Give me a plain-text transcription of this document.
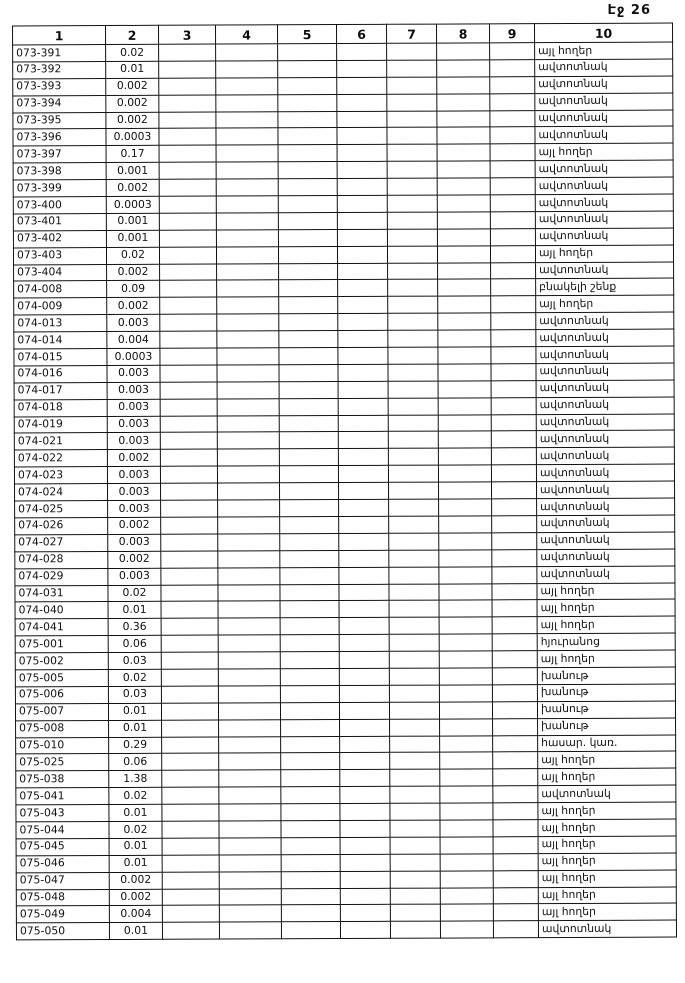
Էջ 26
1	2	3	4	5	6	7	8	9	10
073-391	0.02								այլ հողեր
073-392	0.01								ավտոտնակ
073-393	0.002								ավտոտնակ
073-394	0.002								ավտոտնակ
073-395	0.002								ավտոտնակ
073-396	0.0003								ավտոտնակ
073-397	0.17								այլ հողեր
073-398	0.001								ավտոտնակ
073-399	0.002								ավտոտնակ
073-400	0.0003								ավտոտնակ
073-401	0.001								ավտոտնակ
073-402	0.001								ավտոտնակ
073-403	0.02								այլ հողեր
073-404	0.002								ավտոտնակ
074-008	0.09								բնակելի շենք
074-009	0.002								այլ հողեր
074-013	0.003								ավտոտնակ
074-014	0.004								ավտոտնակ
074-015	0.0003								ավտոտնակ
074-016	0.003								ավտոտնակ
074-017	0.003								ավտոտնակ
074-018	0.003								ավտոտնակ
074-019	0.003								ավտոտնակ
074-021	0.003								ավտոտնակ
074-022	0.002								ավտոտնակ
074-023	0.003								ավտոտնակ
074-024	0.003								ավտոտնակ
074-025	0.003								ավտոտնակ
074-026	0.002								ավտոտնակ
074-027	0.003								ավտոտնակ
074-028	0.002								ավտոտնակ
074-029	0.003								ավտոտնակ
074-031	0.02								այլ հողեր
074-040	0.01								այլ հողեր
074-041	0.36								այլ հողեր
075-001	0.06								հյուրանոց
075-002	0.03								այլ հողեր
075-005	0.02								խանութ
075-006	0.03								խանութ
075-007	0.01								խանութ
075-008	0.01								խանութ
075-010	0.29								հասար. կառ.
075-025	0.06								այլ հողեր
075-038	1.38								այլ հողեր
075-041	0.02								ավտոտնակ
075-043	0.01								այլ հողեր
075-044	0.02								այլ հողեր
075-045	0.01								այլ հողեր
075-046	0.01								այլ հողեր
075-047	0.002								այլ հողեր
075-048	0.002								այլ հողեր
075-049	0.004								այլ հողեր
075-050	0.01								ավտոտնակ
